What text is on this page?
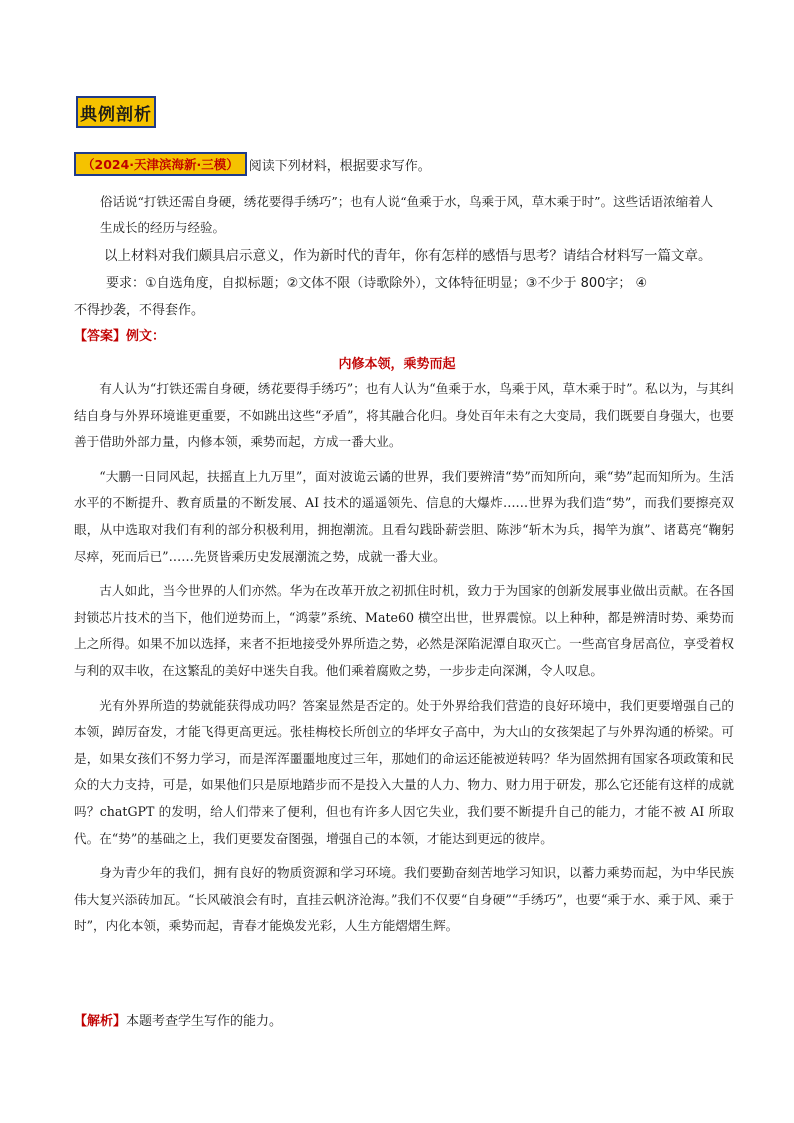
典例剖析
（2024·天津滨海新·三模） 阅读下列材料，根据要求写作。
俗话说“打铁还需自身硬，绣花要得手绣巧”；也有人说“鱼乘于水，鸟乘于风，草木乘于时”。这些话语浓缩着人生成长的经历与经验。
以上材料对我们颇具启示意义，作为新时代的青年，你有怎样的感悟与思考？请结合材料写一篇文章。
要求：①自选角度，自拟标题；②文体不限（诗歌除外），文体特征明显；③不少于 800字； ④
不得抄袭，不得套作。
【答案】例文：
内修本领，乘势而起

有人认为“打铁还需自身硬，绣花要得手绣巧”；也有人认为“鱼乘于水，鸟乘于风，草木乘于时”。私以为，与其纠结自身与外界环境谁更重要，不如跳出这些“矛盾”，将其融合化归。身处百年未有之大变局，我们既要自身强大，也要善于借助外部力量，内修本领，乘势而起，方成一番大业。

“大鹏一日同风起，扶摇直上九万里”，面对波诡云谲的世界，我们要辨清“势”而知所向，乘“势”起而知所为。生活水平的不断提升、教育质量的不断发展、AI 技术的遥遥领先、信息的大爆炸……世界为我们造“势”，而我们要擦亮双眼，从中选取对我们有利的部分积极利用，拥抱潮流。且看勾践卧薪尝胆、陈涉“斩木为兵，揭竿为旗”、诸葛亮“鞠躬尽瘁，死而后已”……先贤皆乘历史发展潮流之势，成就一番大业。

古人如此，当今世界的人们亦然。华为在改革开放之初抓住时机，致力于为国家的创新发展事业做出贡献。在各国封锁芯片技术的当下，他们逆势而上，“鸿蒙”系统、Mate60 横空出世，世界震惊。以上种种，都是辨清时势、乘势而上之所得。如果不加以选择，来者不拒地接受外界所造之势，必然是深陷泥潭自取灭亡。一些高官身居高位，享受着权与利的双丰收，在这繁乱的美好中迷失自我。他们乘着腐败之势，一步步走向深渊，令人叹息。

光有外界所造的势就能获得成功吗？答案显然是否定的。处于外界给我们营造的良好环境中，我们更要增强自己的本领，踔厉奋发，才能飞得更高更远。张桂梅校长所创立的华坪女子高中，为大山的女孩架起了与外界沟通的桥梁。可是，如果女孩们不努力学习，而是浑浑噩噩地度过三年，那她们的命运还能被逆转吗？华为固然拥有国家各项政策和民众的大力支持，可是，如果他们只是原地踏步而不是投入大量的人力、物力、财力用于研发，那么它还能有这样的成就吗？chatGPT 的发明，给人们带来了便利，但也有许多人因它失业，我们要不断提升自己的能力，才能不被 AI 所取代。在“势”的基础之上，我们更要发奋图强，增强自己的本领，才能达到更远的彼岸。

身为青少年的我们，拥有良好的物质资源和学习环境。我们要勤奋刻苦地学习知识，以蓄力乘势而起，为中华民族伟大复兴添砖加瓦。“长风破浪会有时，直挂云帆济沧海。”我们不仅要“自身硬”“手绣巧”，也要“乘于水、乘于风、乘于时”，内化本领，乘势而起，青春才能焕发光彩，人生方能熠熠生辉。

【解析】本题考查学生写作的能力。
